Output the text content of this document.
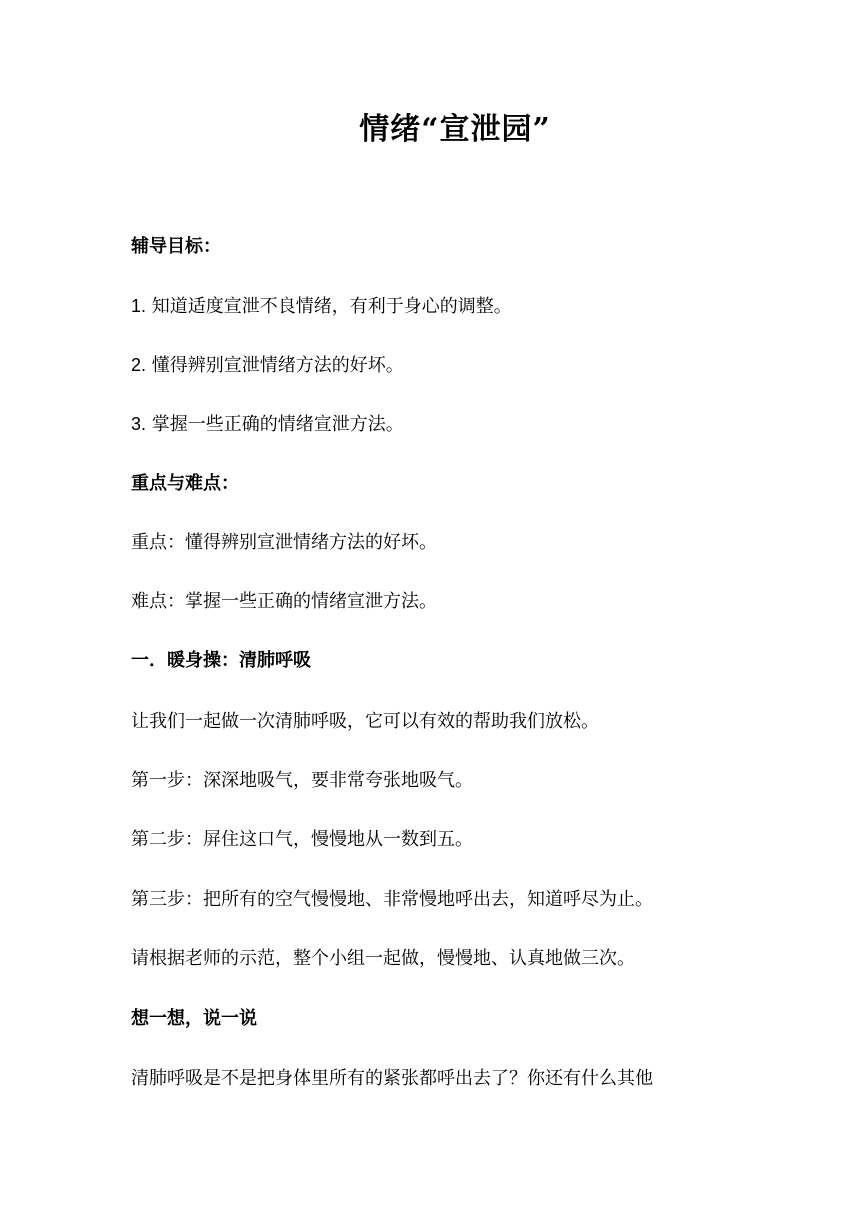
情绪“宣泄园”
辅导目标：
1. 知道适度宣泄不良情绪，有利于身心的调整。
2. 懂得辨别宣泄情绪方法的好坏。
3. 掌握一些正确的情绪宣泄方法。
重点与难点：
重点：懂得辨别宣泄情绪方法的好坏。
难点：掌握一些正确的情绪宣泄方法。
一．暖身操：清肺呼吸
让我们一起做一次清肺呼吸，它可以有效的帮助我们放松。
第一步：深深地吸气，要非常夸张地吸气。
第二步：屏住这口气，慢慢地从一数到五。
第三步：把所有的空气慢慢地、非常慢地呼出去，知道呼尽为止。
请根据老师的示范，整个小组一起做，慢慢地、认真地做三次。
想一想，说一说
清肺呼吸是不是把身体里所有的紧张都呼出去了？你还有什么其他
